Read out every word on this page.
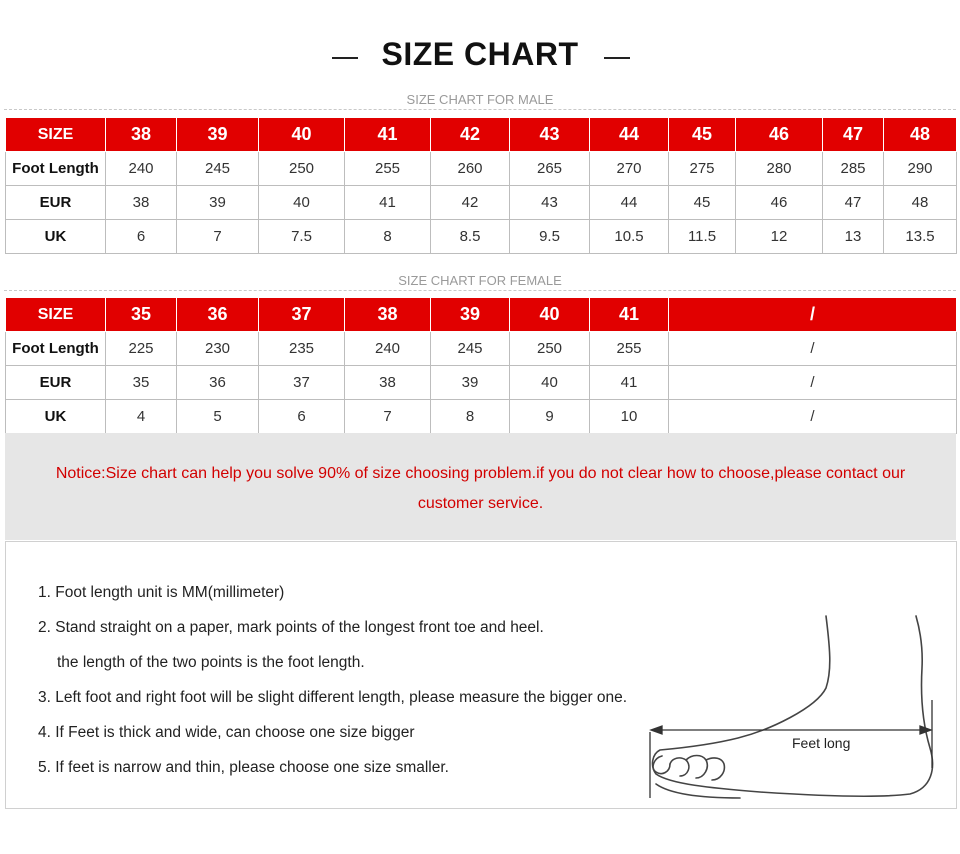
SIZE CHART
SIZE CHART FOR MALE
SIZE	38	39	40	41	42	43	44	45	46	47	48
Foot Length	240	245	250	255	260	265	270	275	280	285	290
EUR	38	39	40	41	42	43	44	45	46	47	48
UK	6	7	7.5	8	8.5	9.5	10.5	11.5	12	13	13.5
SIZE CHART FOR FEMALE
SIZE	35	36	37	38	39	40	41	/
Foot Length	225	230	235	240	245	250	255	/
EUR	35	36	37	38	39	40	41	/
UK	4	5	6	7	8	9	10	/
Notice:Size chart can help you solve 90% of size choosing problem.if you do not clear how to choose,please contact our customer service.
1. Foot length unit is MM(millimeter)
2. Stand straight on a paper, mark points of the longest front toe and heel.
the length of the two points is the foot length.
3. Left foot and right foot will be slight different length, please measure the bigger one.
4. If Feet is thick and wide, can choose one size bigger
5. If feet is narrow and thin, please choose one size smaller.
Feet long
